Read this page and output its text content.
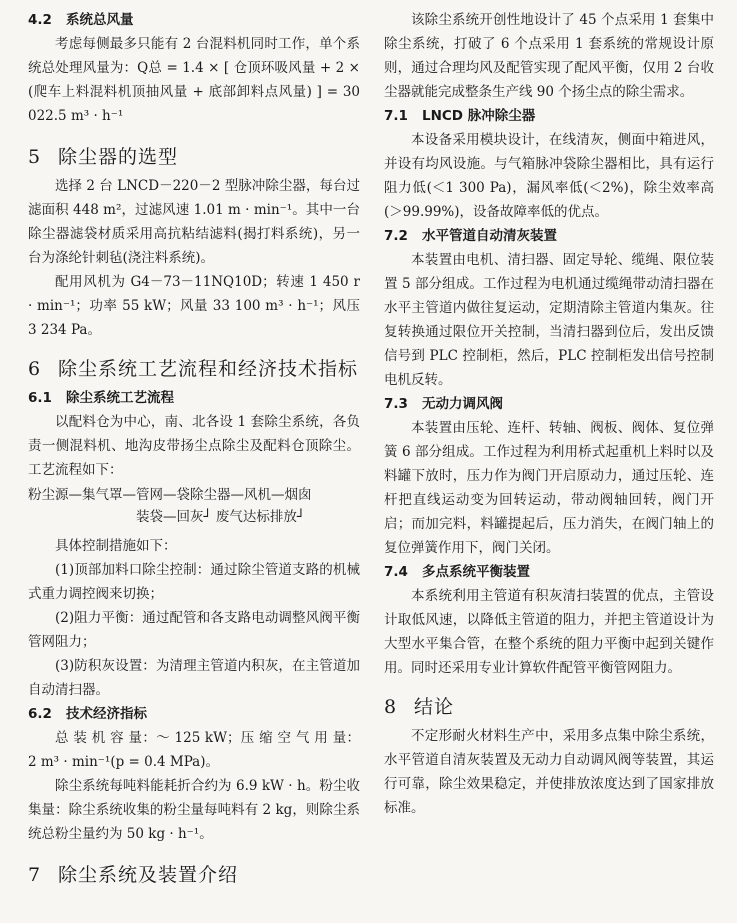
4.2 系统总风量

考虑每侧最多只能有 2 台混料机同时工作，单个系统总处理风量为：Q总 = 1.4 × [ 仓顶环吸风量 + 2 × (爬车上料混料机顶抽风量 + 底部卸料点风量) ] = 30 022.5 m³ · h⁻¹

5 除尘器的选型

选择 2 台 LNCD－220－2 型脉冲除尘器，每台过滤面积 448 m²，过滤风速 1.01 m · min⁻¹。其中一台除尘器滤袋材质采用高抗粘结滤料(揭打料系统)，另一台为涤纶针刺毡(浇注料系统)。

配用风机为 G4－73－11NQ10D；转速 1 450 r · min⁻¹；功率 55 kW；风量 33 100 m³ · h⁻¹；风压 3 234 Pa。

6 除尘系统工艺流程和经济技术指标
6.1 除尘系统工艺流程

以配料仓为中心，南、北各设 1 套除尘系统，各负责一侧混料机、地沟皮带扬尘点除尘及配料仓顶除尘。工艺流程如下：

粉尘源—集气罩—管网—袋除尘器—风机—烟囱
装袋—回灰┘ 废气达标排放┘

具体控制措施如下：

(1)顶部加料口除尘控制：通过除尘管道支路的机械式重力调控阀来切换；

(2)阻力平衡：通过配管和各支路电动调整风阀平衡管网阻力；

(3)防积灰设置：为清理主管道内积灰，在主管道加自动清扫器。

6.2 技术经济指标

总 装 机 容 量：～ 125 kW；压 缩 空 气 用 量：2 m³ · min⁻¹(p = 0.4 MPa)。

除尘系统每吨料能耗折合约为 6.9 kW · h。粉尘收集量：除尘系统收集的粉尘量每吨料有 2 kg，则除尘系统总粉尘量约为 50 kg · h⁻¹。

7 除尘系统及装置介绍

该除尘系统开创性地设计了 45 个点采用 1 套集中除尘系统，打破了 6 个点采用 1 套系统的常规设计原则，通过合理均风及配管实现了配风平衡，仅用 2 台收尘器就能完成整条生产线 90 个扬尘点的除尘需求。

7.1 LNCD 脉冲除尘器

本设备采用模块设计，在线清灰，侧面中箱进风，并设有均风设施。与气箱脉冲袋除尘器相比，具有运行阻力低(＜1 300 Pa)，漏风率低(＜2%)，除尘效率高(＞99.99%)，设备故障率低的优点。

7.2 水平管道自动清灰装置

本装置由电机、清扫器、固定导轮、缆绳、限位装置 5 部分组成。工作过程为电机通过缆绳带动清扫器在水平主管道内做往复运动，定期清除主管道内集灰。往复转换通过限位开关控制，当清扫器到位后，发出反馈信号到 PLC 控制柜，然后，PLC 控制柜发出信号控制电机反转。

7.3 无动力调风阀

本装置由压轮、连杆、转轴、阀板、阀体、复位弹簧 6 部分组成。工作过程为利用桥式起重机上料时以及料罐下放时，压力作为阀门开启原动力，通过压轮、连杆把直线运动变为回转运动，带动阀轴回转，阀门开启；而加完料，料罐提起后，压力消失，在阀门轴上的复位弹簧作用下，阀门关闭。

7.4 多点系统平衡装置

本系统利用主管道有积灰清扫装置的优点，主管设计取低风速，以降低主管道的阻力，并把主管道设计为大型水平集合管，在整个系统的阻力平衡中起到关键作用。同时还采用专业计算软件配管平衡管网阻力。

8 结论

不定形耐火材料生产中，采用多点集中除尘系统，水平管道自清灰装置及无动力自动调风阀等装置，其运行可靠，除尘效果稳定，并使排放浓度达到了国家排放标准。
